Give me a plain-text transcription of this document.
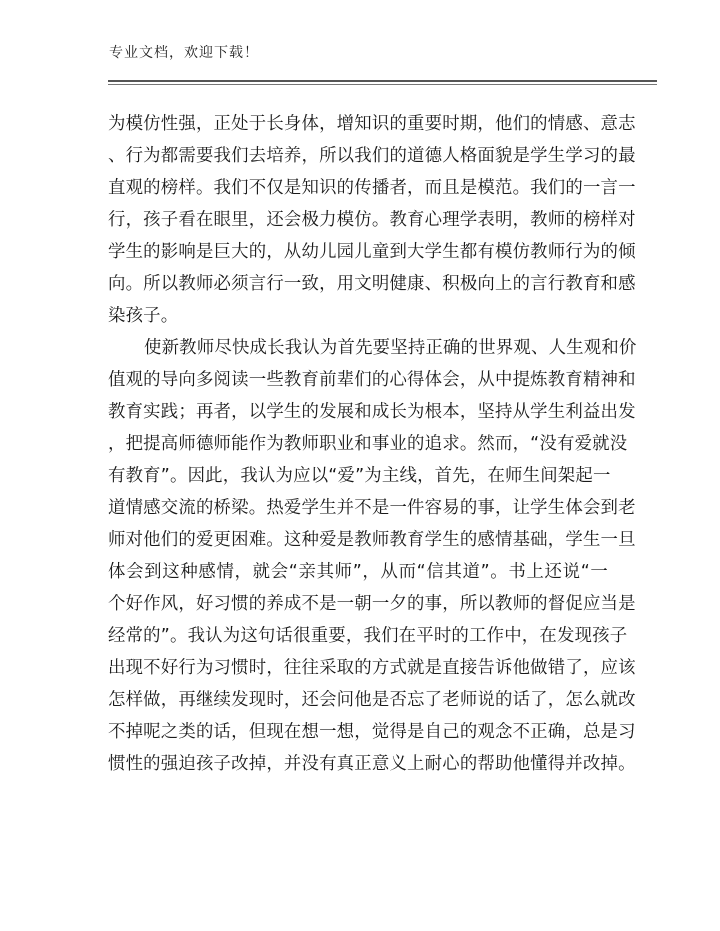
专业文档，欢迎下载！
为模仿性强，正处于长身体，增知识的重要时期，他们的情感、意志
、行为都需要我们去培养，所以我们的道德人格面貌是学生学习的最
直观的榜样。我们不仅是知识的传播者，而且是模范。我们的一言一
行，孩子看在眼里，还会极力模仿。教育心理学表明，教师的榜样对
学生的影响是巨大的，从幼儿园儿童到大学生都有模仿教师行为的倾
向。所以教师必须言行一致，用文明健康、积极向上的言行教育和感
染孩子。
使新教师尽快成长我认为首先要坚持正确的世界观、人生观和价
值观的导向多阅读一些教育前辈们的心得体会，从中提炼教育精神和
教育实践；再者，以学生的发展和成长为根本，坚持从学生利益出发
，把提高师德师能作为教师职业和事业的追求。然而，“没有爱就没
有教育”。因此，我认为应以“爱”为主线，首先，在师生间架起一
道情感交流的桥梁。热爱学生并不是一件容易的事，让学生体会到老
师对他们的爱更困难。这种爱是教师教育学生的感情基础，学生一旦
体会到这种感情，就会“亲其师”，从而“信其道”。书上还说“一
个好作风，好习惯的养成不是一朝一夕的事，所以教师的督促应当是
经常的”。我认为这句话很重要，我们在平时的工作中，在发现孩子
出现不好行为习惯时，往往采取的方式就是直接告诉他做错了，应该
怎样做，再继续发现时，还会问他是否忘了老师说的话了，怎么就改
不掉呢之类的话，但现在想一想，觉得是自己的观念不正确，总是习
惯性的强迫孩子改掉，并没有真正意义上耐心的帮助他懂得并改掉。
